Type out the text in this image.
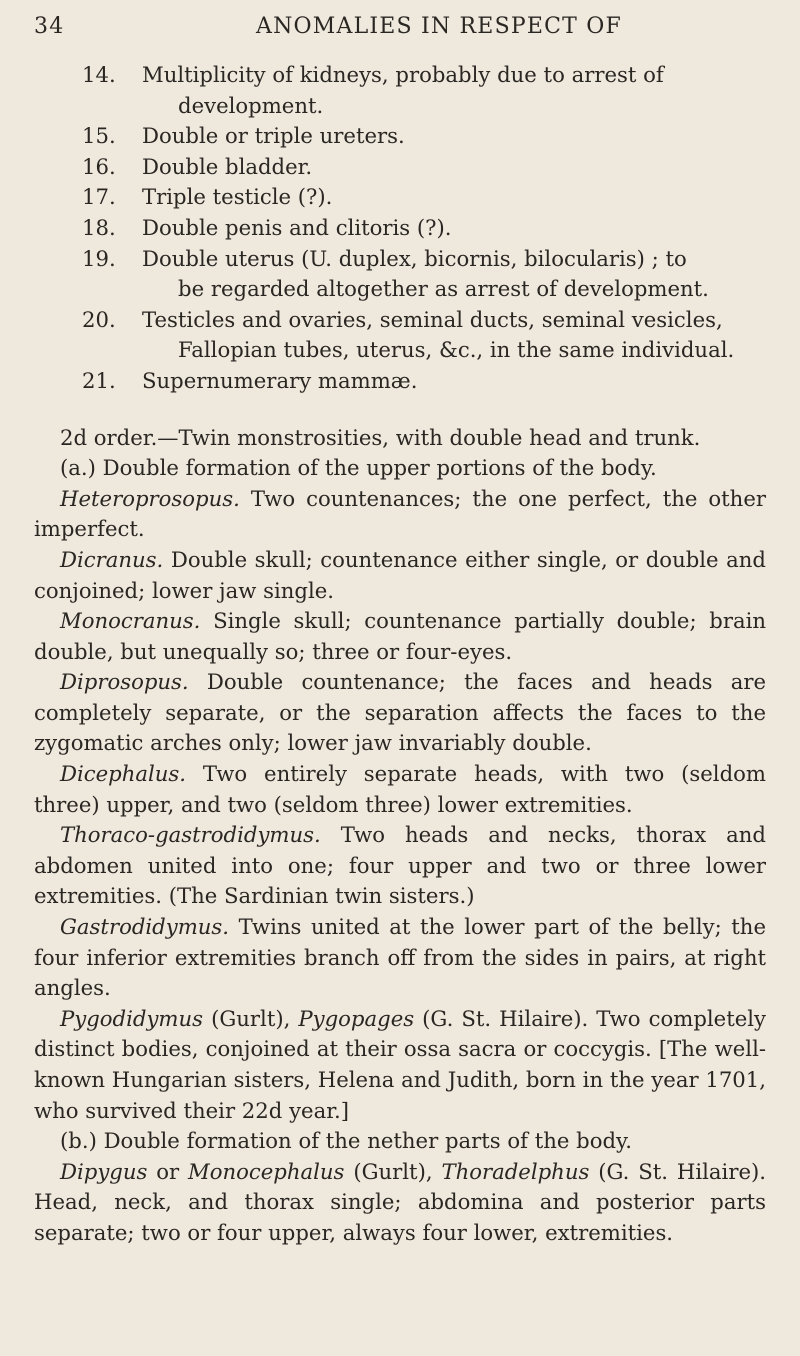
34	ANOMALIES IN RESPECT OF
14. Multiplicity of kidneys, probably due to arrest of
development.
15. Double or triple ureters.
16. Double bladder.
17. Triple testicle (?).
18. Double penis and clitoris (?).
19. Double uterus (U. duplex, bicornis, bilocularis) ; to
be regarded altogether as arrest of development.
20. Testicles and ovaries, seminal ducts, seminal vesicles,
Fallopian tubes, uterus, &c., in the same individual.
21. Supernumerary mammæ.

2d order.—Twin monstrosities, with double head and trunk.

(a.) Double formation of the upper portions of the body.

Heteroprosopus. Two countenances; the one perfect, the other imperfect.

Dicranus. Double skull; countenance either single, or double and conjoined; lower jaw single.

Monocranus. Single skull; countenance partially double; brain double, but unequally so; three or four-eyes.

Diprosopus. Double countenance; the faces and heads are completely separate, or the separation affects the faces to the zygomatic arches only; lower jaw invariably double.

Dicephalus. Two entirely separate heads, with two (seldom three) upper, and two (seldom three) lower extremities.

Thoraco-gastrodidymus. Two heads and necks, thorax and abdomen united into one; four upper and two or three lower extremities. (The Sardinian twin sisters.)

Gastrodidymus. Twins united at the lower part of the belly; the four inferior extremities branch off from the sides in pairs, at right angles.

Pygodidymus (Gurlt), Pygopages (G. St. Hilaire). Two completely distinct bodies, conjoined at their ossa sacra or coccygis. [The well-known Hungarian sisters, Helena and Judith, born in the year 1701, who survived their 22d year.]

(b.) Double formation of the nether parts of the body.

Dipygus or Monocephalus (Gurlt), Thoradelphus (G. St. Hilaire). Head, neck, and thorax single; abdomina and posterior parts separate; two or four upper, always four lower, extremities.
